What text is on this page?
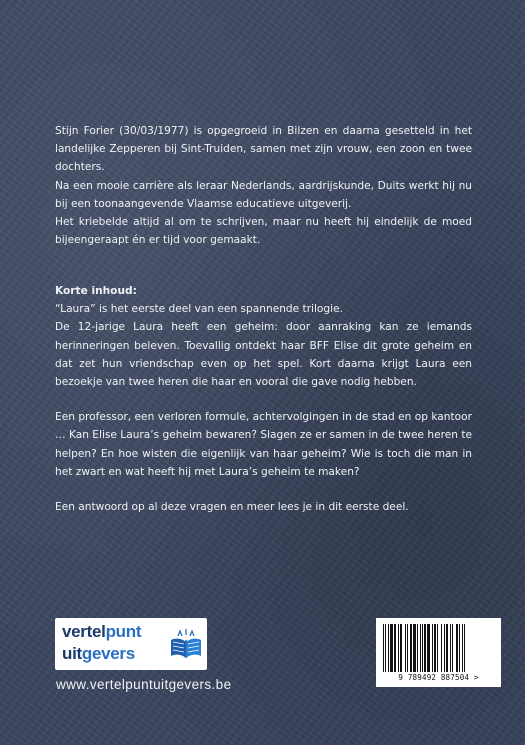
Stijn Forier (30/03/1977) is opgegroeid in Bilzen en daarna gesetteld in het landelijke Zepperen bij Sint-Truiden, samen met zijn vrouw, een zoon en twee dochters.

Na een mooie carrière als leraar Nederlands, aardrijskunde, Duits werkt hij nu bij een toonaangevende Vlaamse educatieve uitgeverij.

Het kriebelde altijd al om te schrijven, maar nu heeft hij eindelijk de moed bijeengeraapt én er tijd voor gemaakt.

Korte inhoud:

“Laura” is het eerste deel van een spannende trilogie.

De 12-jarige Laura heeft een geheim: door aanraking kan ze iemands herinneringen beleven. Toevallig ontdekt haar BFF Elise dit grote geheim en dat zet hun vriendschap even op het spel. Kort daarna krijgt Laura een bezoekje van twee heren die haar en vooral die gave nodig hebben.

Een professor, een verloren formule, achtervolgingen in de stad en op kantoor … Kan Elise Laura’s geheim bewaren? Slagen ze er samen in de twee heren te helpen? En hoe wisten die eigenlijk van haar geheim? Wie is toch die man in het zwart en wat heeft hij met Laura’s geheim te maken?

Een antwoord op al deze vragen en meer lees je in dit eerste deel.

vertelpunt
uitgevers
www.vertelpuntuitgevers.be	9 789492 887504 >
